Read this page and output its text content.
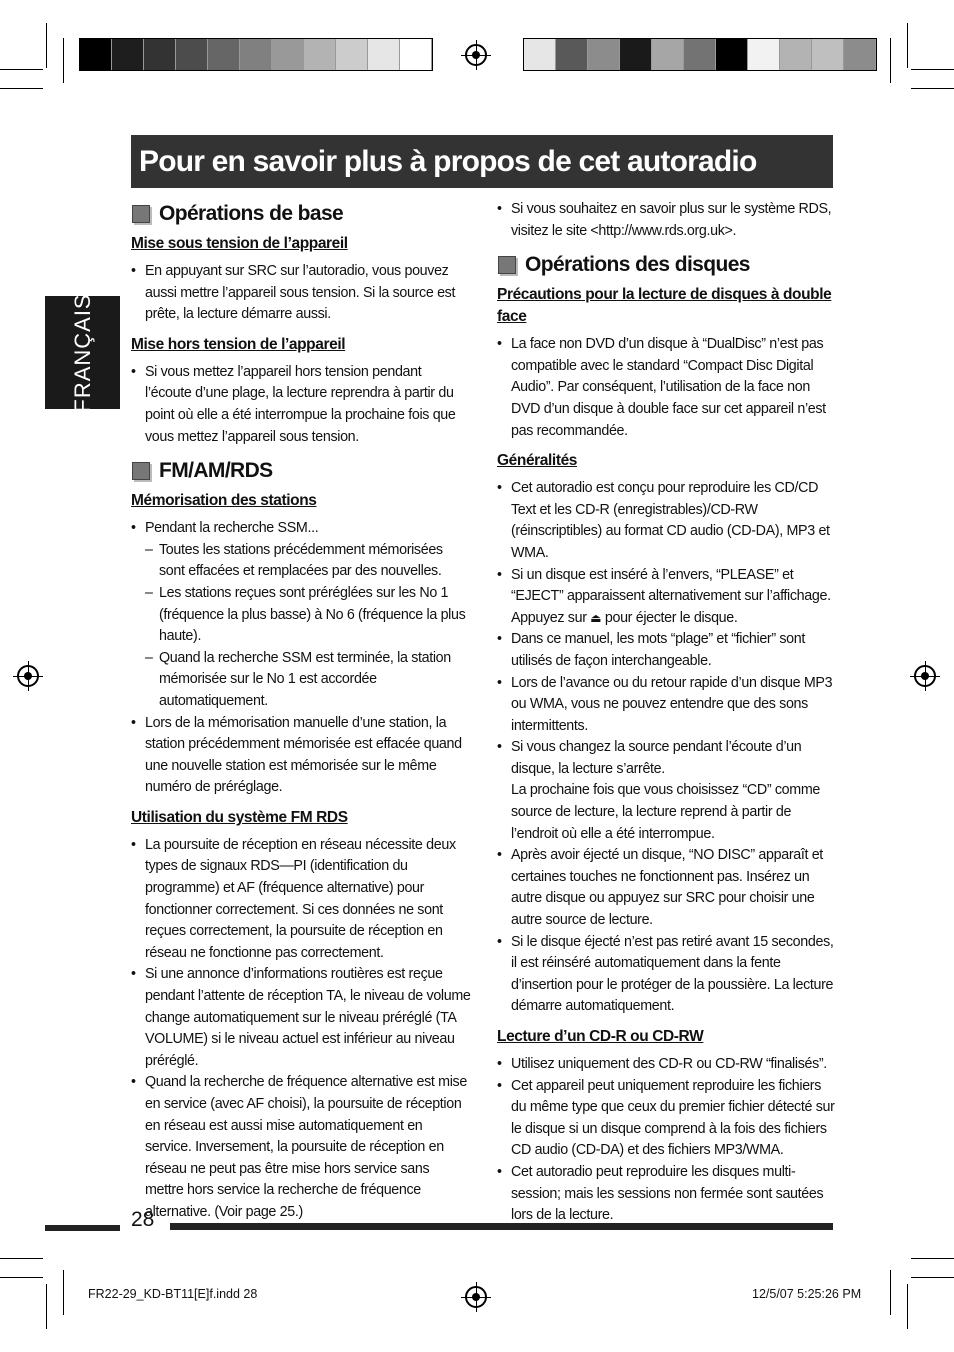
Pour en savoir plus à propos de cet autoradio
FRANÇAIS
Opérations de base
Mise sous tension de l’appareil
• En appuyant sur SRC sur l’autoradio, vous pouvez aussi mettre l’appareil sous tension. Si la source est prête, la lecture démarre aussi.
Mise hors tension de l’appareil
• Si vous mettez l’appareil hors tension pendant l’écoute d’une plage, la lecture reprendra à partir du point où elle a été interrompue la prochaine fois que vous mettez l’appareil sous tension.
FM/AM/RDS
Mémorisation des stations
• Pendant la recherche SSM...
– Toutes les stations précédemment mémorisées sont effacées et remplacées par des nouvelles.
– Les stations reçues sont préréglées sur les No 1 (fréquence la plus basse) à No 6 (fréquence la plus haute).
– Quand la recherche SSM est terminée, la station mémorisée sur le No 1 est accordée automatiquement.
• Lors de la mémorisation manuelle d’une station, la station précédemment mémorisée est effacée quand une nouvelle station est mémorisée sur le même numéro de préréglage.
Utilisation du système FM RDS
• La poursuite de réception en réseau nécessite deux types de signaux RDS—PI (identification du programme) et AF (fréquence alternative) pour fonctionner correctement. Si ces données ne sont reçues correctement, la poursuite de réception en réseau ne fonctionne pas correctement.
• Si une annonce d’informations routières est reçue pendant l’attente de réception TA, le niveau de volume change automatiquement sur le niveau préréglé (TA VOLUME) si le niveau actuel est inférieur au niveau préréglé.
• Quand la recherche de fréquence alternative est mise en service (avec AF choisi), la poursuite de réception en réseau est aussi mise automatiquement en service. Inversement, la poursuite de réception en réseau ne peut pas être mise hors service sans mettre hors service la recherche de fréquence alternative. (Voir page 25.)
• Si vous souhaitez en savoir plus sur le système RDS, visitez le site <http://www.rds.org.uk>.
Opérations des disques
Précautions pour la lecture de disques à double face
• La face non DVD d’un disque à “DualDisc” n’est pas compatible avec le standard “Compact Disc Digital Audio”. Par conséquent, l’utilisation de la face non DVD d’un disque à double face sur cet appareil n’est pas recommandée.
Généralités
• Cet autoradio est conçu pour reproduire les CD/CD Text et les CD-R (enregistrables)/CD-RW (réinscriptibles) au format CD audio (CD-DA), MP3 et WMA.
• Si un disque est inséré à l’envers, “PLEASE” et “EJECT” apparaissent alternativement sur l’affichage. Appuyez sur ⏏ pour éjecter le disque.
• Dans ce manuel, les mots “plage” et “fichier” sont utilisés de façon interchangeable.
• Lors de l’avance ou du retour rapide d’un disque MP3 ou WMA, vous ne pouvez entendre que des sons intermittents.
• Si vous changez la source pendant l’écoute d’un disque, la lecture s’arrête.
La prochaine fois que vous choisissez “CD” comme source de lecture, la lecture reprend à partir de l’endroit où elle a été interrompue.
• Après avoir éjecté un disque, “NO DISC” apparaît et certaines touches ne fonctionnent pas. Insérez un autre disque ou appuyez sur SRC pour choisir une autre source de lecture.
• Si le disque éjecté n’est pas retiré avant 15 secondes, il est réinséré automatiquement dans la fente d’insertion pour le protéger de la poussière. La lecture démarre automatiquement.
Lecture d’un CD-R ou CD-RW
• Utilisez uniquement des CD-R ou CD-RW “finalisés”.
• Cet appareil peut uniquement reproduire les fichiers du même type que ceux du premier fichier détecté sur le disque si un disque comprend à la fois des fichiers CD audio (CD-DA) et des fichiers MP3/WMA.
• Cet autoradio peut reproduire les disques multi-session; mais les sessions non fermée sont sautées lors de la lecture.
28
FR22-29_KD-BT11[E]f.indd 28	12/5/07 5:25:26 PM
